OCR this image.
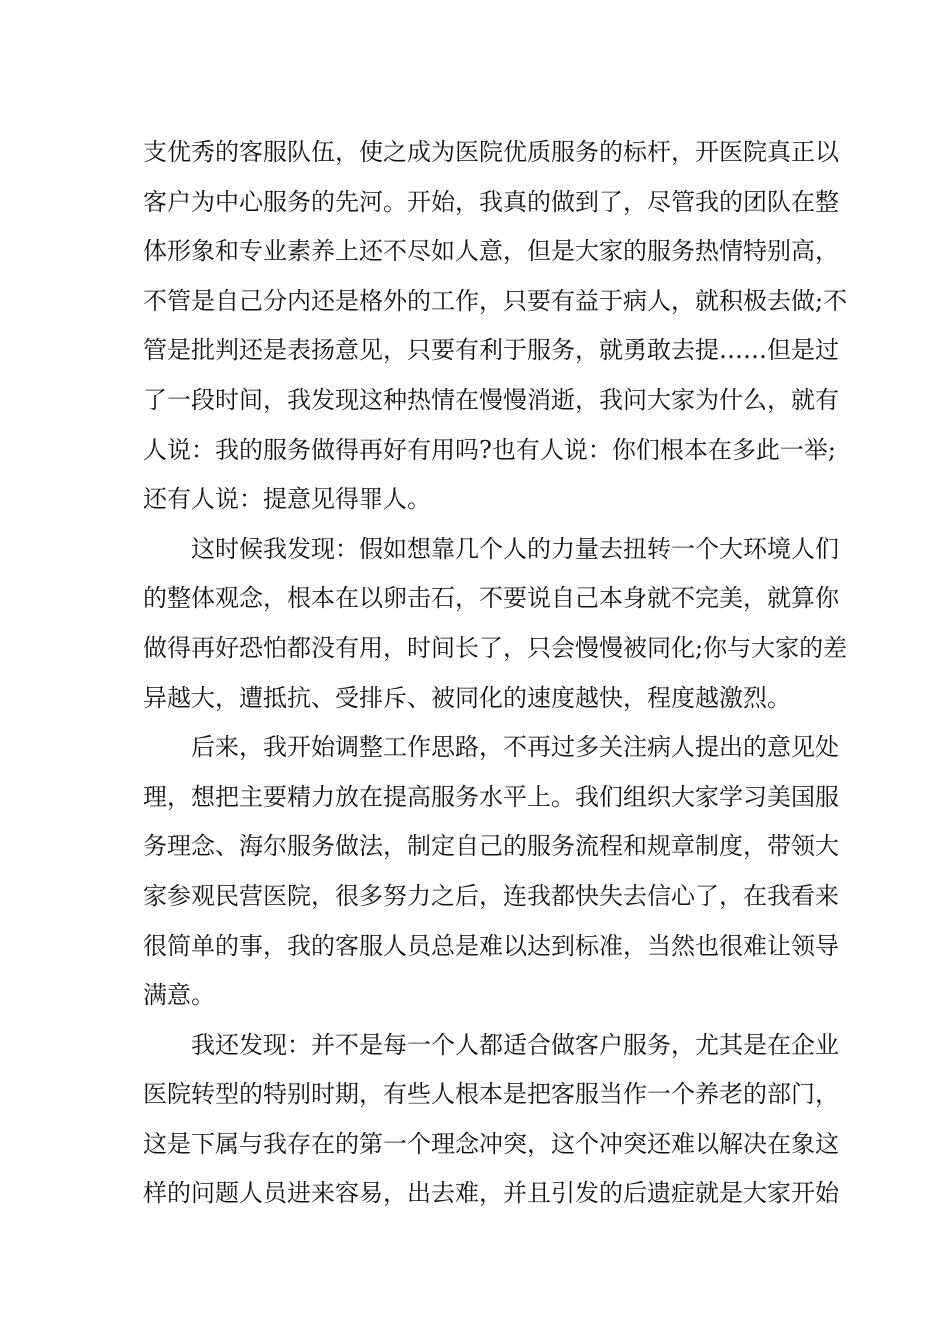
支优秀的客服队伍，使之成为医院优质服务的标杆，开医院真正以
客户为中心服务的先河。开始，我真的做到了，尽管我的团队在整
体形象和专业素养上还不尽如人意，但是大家的服务热情特别高，
不管是自己分内还是格外的工作，只要有益于病人，就积极去做;不
管是批判还是表扬意见，只要有利于服务，就勇敢去提……但是过
了一段时间，我发现这种热情在慢慢消逝，我问大家为什么，就有
人说：我的服务做得再好有用吗?也有人说：你们根本在多此一举;
还有人说：提意见得罪人。
这时候我发现：假如想靠几个人的力量去扭转一个大环境人们
的整体观念，根本在以卵击石，不要说自己本身就不完美，就算你
做得再好恐怕都没有用，时间长了，只会慢慢被同化;你与大家的差
异越大，遭抵抗、受排斥、被同化的速度越快，程度越激烈。
后来，我开始调整工作思路，不再过多关注病人提出的意见处
理，想把主要精力放在提高服务水平上。我们组织大家学习美国服
务理念、海尔服务做法，制定自己的服务流程和规章制度，带领大
家参观民营医院，很多努力之后，连我都快失去信心了，在我看来
很简单的事，我的客服人员总是难以达到标准，当然也很难让领导
满意。
我还发现：并不是每一个人都适合做客户服务，尤其是在企业
医院转型的特别时期，有些人根本是把客服当作一个养老的部门，
这是下属与我存在的第一个理念冲突，这个冲突还难以解决在象这
样的问题人员进来容易，出去难，并且引发的后遗症就是大家开始
